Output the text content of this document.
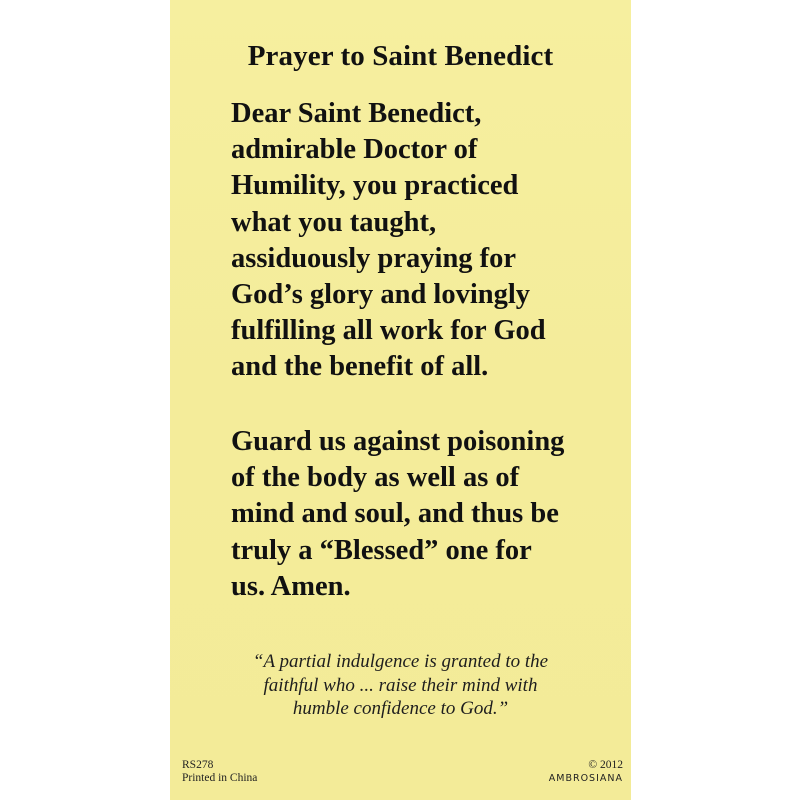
Prayer to Saint Benedict

Dear Saint Benedict,
admirable Doctor of
Humility, you practiced
what you taught,
assiduously praying for
God’s glory and lovingly
fulfilling all work for God
and the benefit of all.

Guard us against poisoning
of the body as well as of
mind and soul, and thus be
truly a “Blessed” one for
us. Amen.

“A partial indulgence is granted to the
faithful who ... raise their mind with
humble confidence to God.”
RS278
Printed in China
© 2012
AMBROSIANA
